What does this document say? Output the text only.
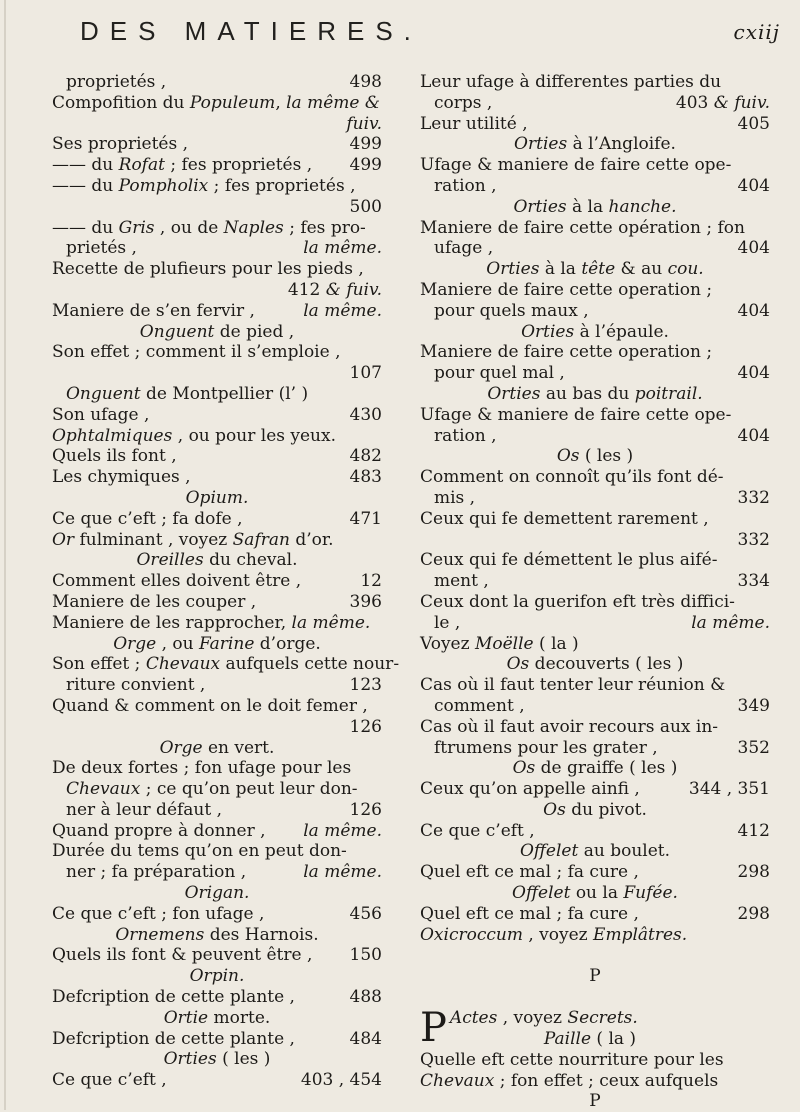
DES MATIERES.	cxiij
proprietés ,	498
Compofition du Populeum, la même &
fuiv.
Ses proprietés ,	499
—— du Rofat ; fes proprietés , 499
—— du Pompholix ; fes proprietés ,
500
—— du Gris , ou de Naples ; fes pro-
prietés ,	la même.
Recette de plufieurs pour les pieds ,
412 & fuiv.
Maniere de s’en fervir ,	la même.
Onguent de pied ,
Son effet ; comment il s’emploie ,
107
Onguent de Montpellier (l’ )
Son ufage ,	430
Ophtalmiques , ou pour les yeux.
Quels ils font ,	482
Les chymiques ,	483
Opium.
Ce que c’eft ; fa dofe ,	471
Or fulminant , voyez Safran d’or.
Oreilles du cheval.
Comment elles doivent être ,	12
Maniere de les couper ,	396
Maniere de les rapprocher, la même.
Orge , ou Farine d’orge.
Son effet ; Chevaux aufquels cette nour-
riture convient ,	123
Quand & comment on le doit femer ,
126
Orge en vert.
De deux fortes ; fon ufage pour les
Chevaux ; ce qu’on peut leur don-
ner à leur défaut ,	126
Quand propre à donner , la même.
Durée du tems qu’on en peut don-
ner ; fa préparation ,	la même.
Origan.
Ce que c’eft ; fon ufage ,	456
Ornemens des Harnois.
Quels ils font & peuvent être , 150
Orpin.
Defcription de cette plante ,	488
Ortie morte.
Defcription de cette plante ,	484
Orties ( les )
Ce que c’eft ,	403 , 454
Leur ufage à differentes parties du
corps ,	403 & fuiv.
Leur utilité ,	405
Orties à l’Angloife.
Ufage & maniere de faire cette ope-
ration ,	404
Orties à la hanche.
Maniere de faire cette opération ; fon
ufage ,	404
Orties à la tête & au cou.
Maniere de faire cette operation ;
pour quels maux ,	404
Orties à l’épaule.
Maniere de faire cette operation ;
pour quel mal ,	404
Orties au bas du poitrail.
Ufage & maniere de faire cette ope-
ration ,	404
Os ( les )
Comment on connoît qu’ils font dé-
mis ,	332
Ceux qui fe demettent rarement ,
332
Ceux qui fe démettent le plus aifé-
ment ,	334
Ceux dont la guerifon eft très diffici-
le ,	la même.
Voyez Moëlle ( la )
Os decouverts ( les )
Cas où il faut tenter leur réunion &
comment ,	349
Cas où il faut avoir recours aux in-
ftrumens pour les grater ,	352
Os de graiffe ( les )
Ceux qu’on appelle ainfi ,	344 , 351
Os du pivot.
Ce que c’eft ,	412
Offelet au boulet.
Quel eft ce mal ; fa cure ,	298
Offelet ou la Fufée.
Quel eft ce mal ; fa cure ,	298
Oxicroccum , voyez Emplâtres.
P
P Actes , voyez Secrets.
Paille ( la )
Quelle eft cette nourriture pour les
Chevaux ; fon effet ; ceux aufquels
P
